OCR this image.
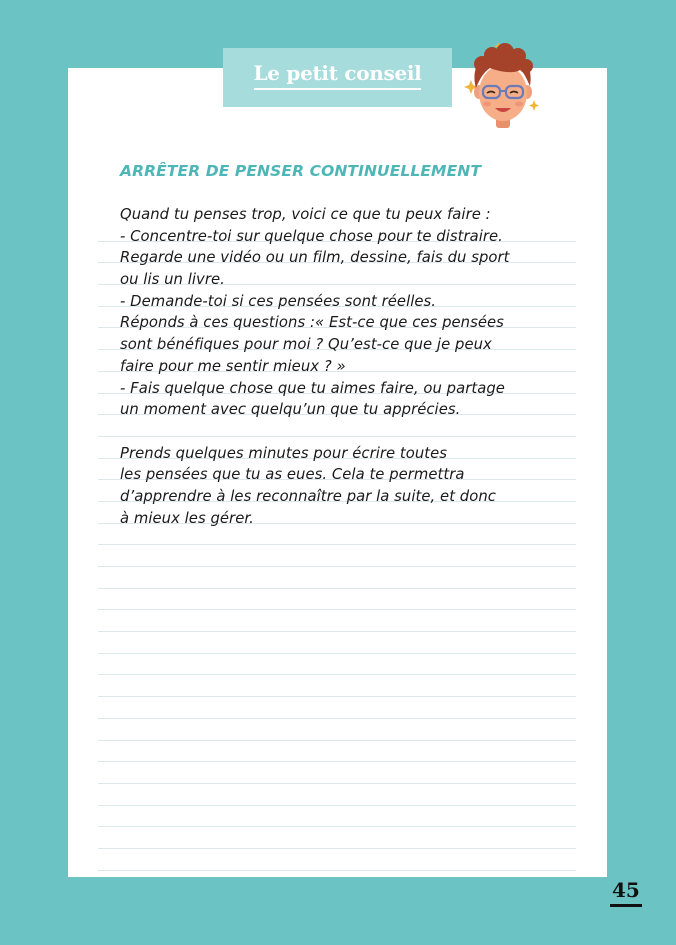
Le petit conseil
ARRÊTER DE PENSER CONTINUELLEMENT
Quand tu penses trop, voici ce que tu peux faire :
- Concentre-toi sur quelque chose pour te distraire.
Regarde une vidéo ou un film, dessine, fais du sport
ou lis un livre.
- Demande-toi si ces pensées sont réelles.
Réponds à ces questions :« Est-ce que ces pensées
sont bénéfiques pour moi ? Qu’est-ce que je peux
faire pour me sentir mieux ? »
- Fais quelque chose que tu aimes faire, ou partage
un moment avec quelqu’un que tu apprécies.
Prends quelques minutes pour écrire toutes
les pensées que tu as eues. Cela te permettra
d’apprendre à les reconnaître par la suite, et donc
à mieux les gérer.
45
